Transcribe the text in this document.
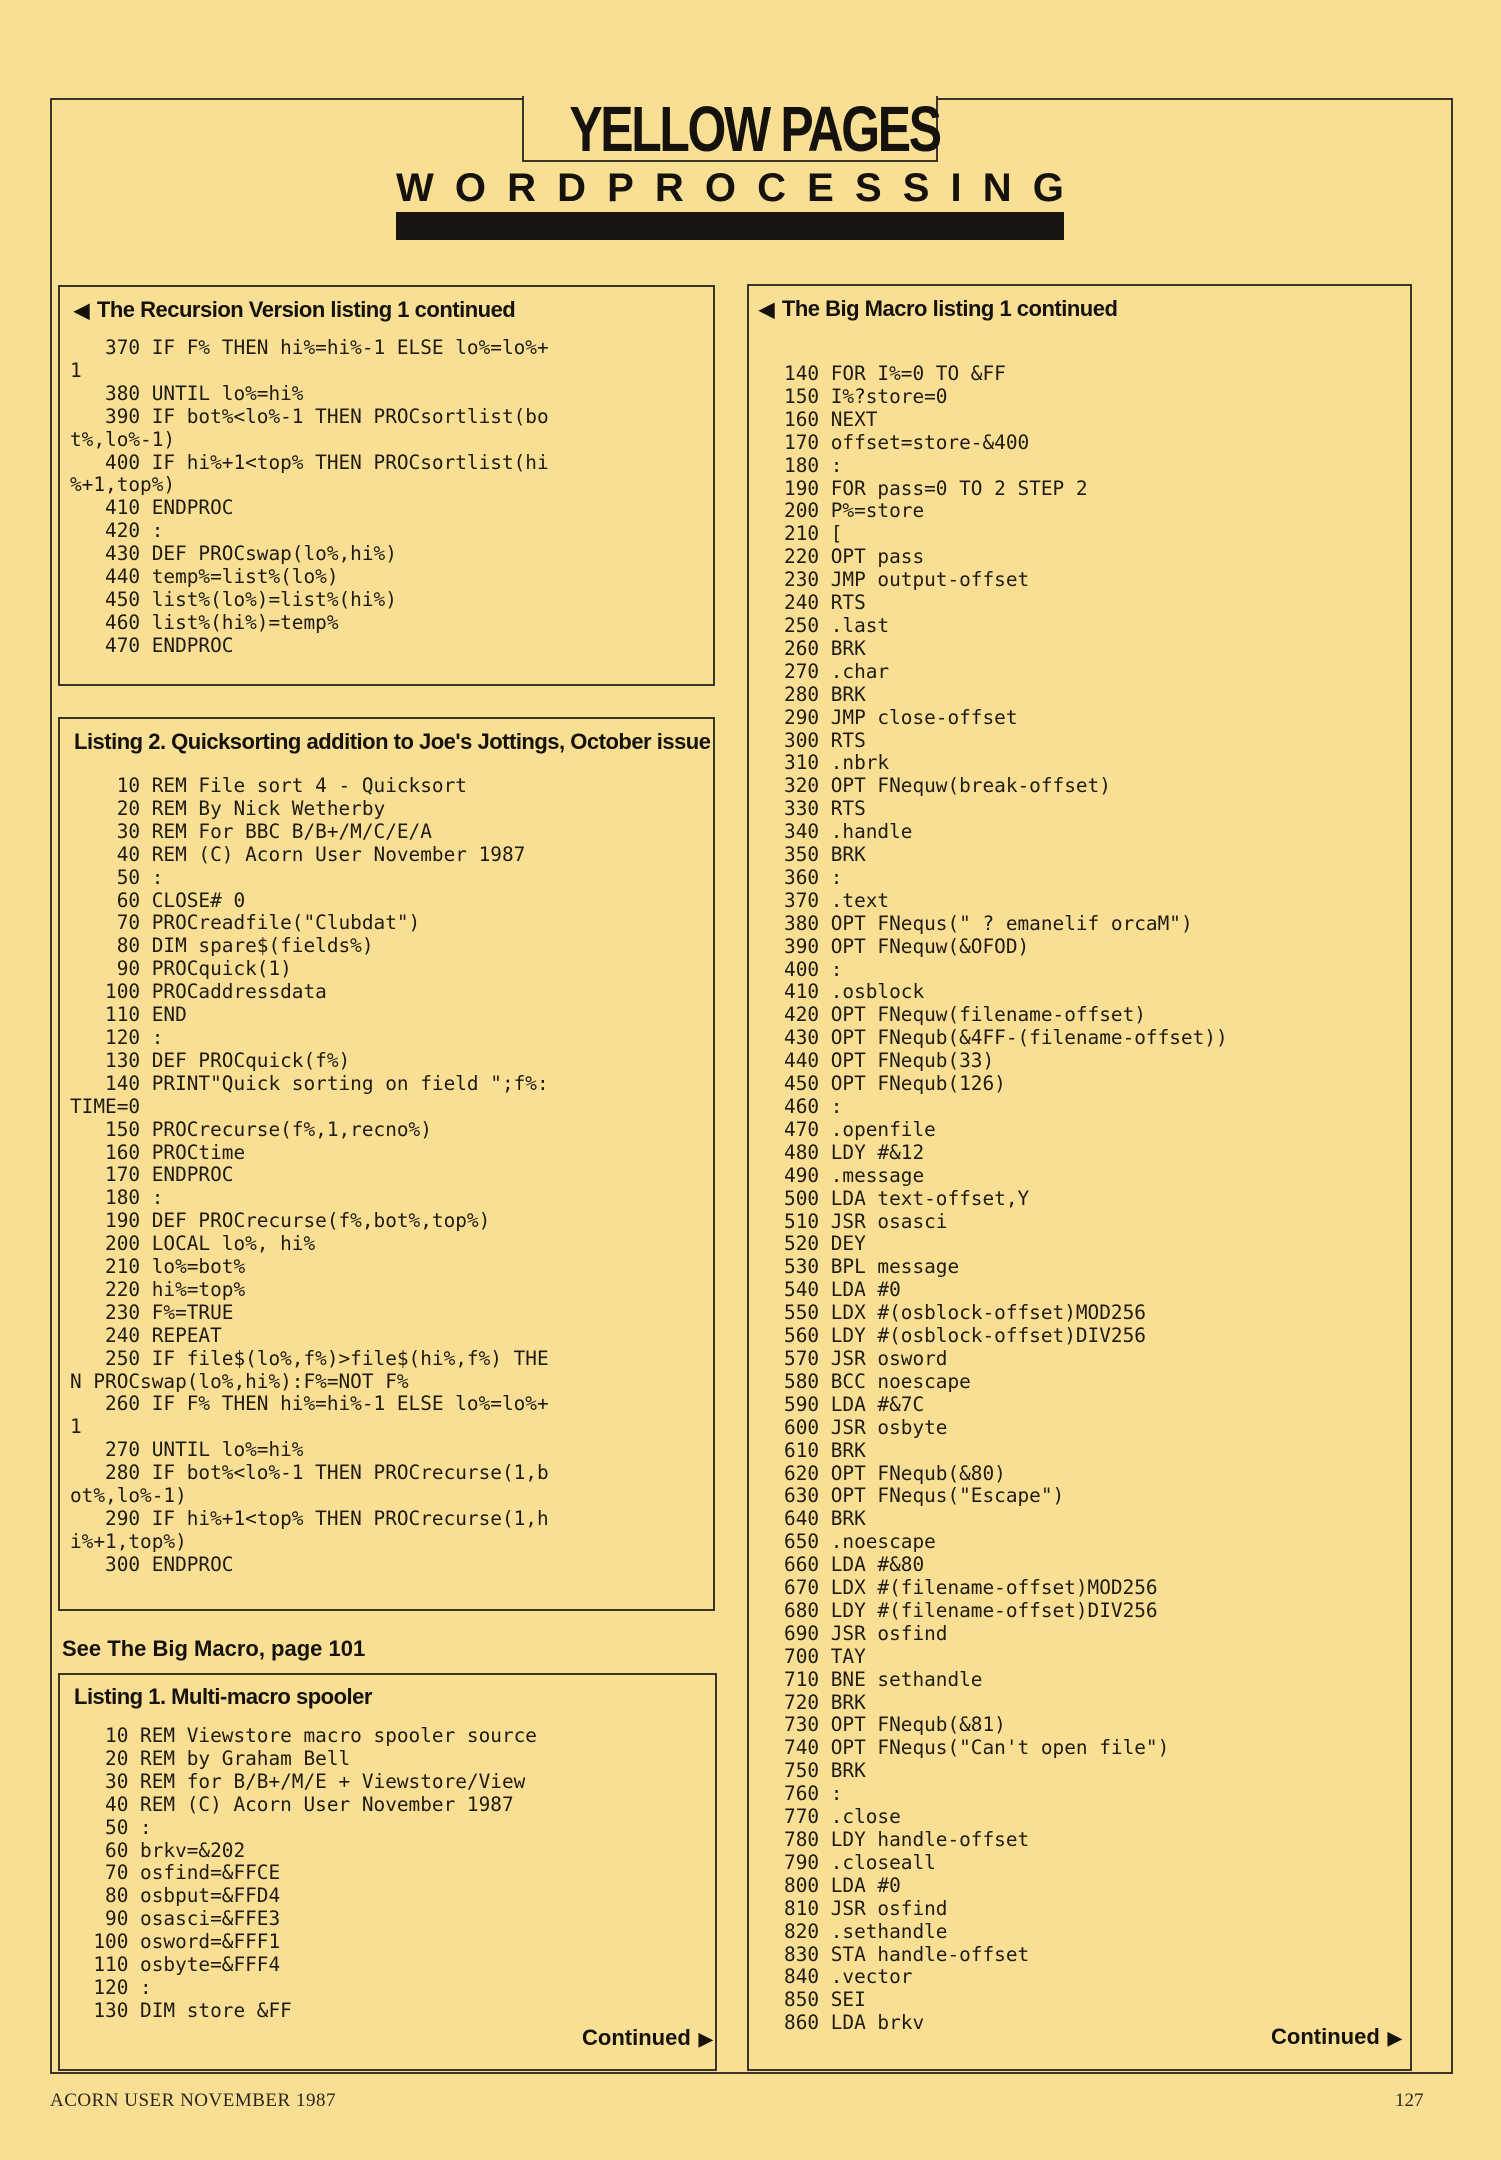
YELLOW PAGES
W O R D P R O C E S S I N G
◀ The Recursion Version listing 1 continued
370 IF F% THEN hi%=hi%-1 ELSE lo%=lo%+
1
380 UNTIL lo%=hi%
390 IF bot%<lo%-1 THEN PROCsortlist(bo
t%,lo%-1)
400 IF hi%+1<top% THEN PROCsortlist(hi
%+1,top%)
410 ENDPROC
420 :
430 DEF PROCswap(lo%,hi%)
440 temp%=list%(lo%)
450 list%(lo%)=list%(hi%)
460 list%(hi%)=temp%
470 ENDPROC
Listing 2. Quicksorting addition to Joe's Jottings, October issue
10 REM File sort 4 - Quicksort
20 REM By Nick Wetherby
30 REM For BBC B/B+/M/C/E/A
40 REM (C) Acorn User November 1987
50 :
60 CLOSE# 0
70 PROCreadfile("Clubdat")
80 DIM spare$(fields%)
90 PROCquick(1)
100 PROCaddressdata
110 END
120 :
130 DEF PROCquick(f%)
140 PRINT"Quick sorting on field ";f%:
TIME=0
150 PROCrecurse(f%,1,recno%)
160 PROCtime
170 ENDPROC
180 :
190 DEF PROCrecurse(f%,bot%,top%)
200 LOCAL lo%, hi%
210 lo%=bot%
220 hi%=top%
230 F%=TRUE
240 REPEAT
250 IF file$(lo%,f%)>file$(hi%,f%) THE
N PROCswap(lo%,hi%):F%=NOT F%
260 IF F% THEN hi%=hi%-1 ELSE lo%=lo%+
1
270 UNTIL lo%=hi%
280 IF bot%<lo%-1 THEN PROCrecurse(1,b
ot%,lo%-1)
290 IF hi%+1<top% THEN PROCrecurse(1,h
i%+1,top%)
300 ENDPROC
See The Big Macro, page 101
Listing 1. Multi-macro spooler
10 REM Viewstore macro spooler source
20 REM by Graham Bell
30 REM for B/B+/M/E + Viewstore/View
40 REM (C) Acorn User November 1987
50 :
60 brkv=&202
70 osfind=&FFCE
80 osbput=&FFD4
90 osasci=&FFE3
100 osword=&FFF1
110 osbyte=&FFF4
120 :
130 DIM store &FF
Continued ▶
◀ The Big Macro listing 1 continued
140 FOR I%=0 TO &FF
150 I%?store=0
160 NEXT
170 offset=store-&400
180 :
190 FOR pass=0 TO 2 STEP 2
200 P%=store
210 [
220 OPT pass
230 JMP output-offset
240 RTS
250 .last
260 BRK
270 .char
280 BRK
290 JMP close-offset
300 RTS
310 .nbrk
320 OPT FNequw(break-offset)
330 RTS
340 .handle
350 BRK
360 :
370 .text
380 OPT FNequs(" ? emanelif orcaM")
390 OPT FNequw(&OFOD)
400 :
410 .osblock
420 OPT FNequw(filename-offset)
430 OPT FNequb(&4FF-(filename-offset))
440 OPT FNequb(33)
450 OPT FNequb(126)
460 :
470 .openfile
480 LDY #&12
490 .message
500 LDA text-offset,Y
510 JSR osasci
520 DEY
530 BPL message
540 LDA #0
550 LDX #(osblock-offset)MOD256
560 LDY #(osblock-offset)DIV256
570 JSR osword
580 BCC noescape
590 LDA #&7C
600 JSR osbyte
610 BRK
620 OPT FNequb(&80)
630 OPT FNequs("Escape")
640 BRK
650 .noescape
660 LDA #&80
670 LDX #(filename-offset)MOD256
680 LDY #(filename-offset)DIV256
690 JSR osfind
700 TAY
710 BNE sethandle
720 BRK
730 OPT FNequb(&81)
740 OPT FNequs("Can't open file")
750 BRK
760 :
770 .close
780 LDY handle-offset
790 .closeall
800 LDA #0
810 JSR osfind
820 .sethandle
830 STA handle-offset
840 .vector
850 SEI
860 LDA brkv
Continued ▶
ACORN USER NOVEMBER 1987	127
